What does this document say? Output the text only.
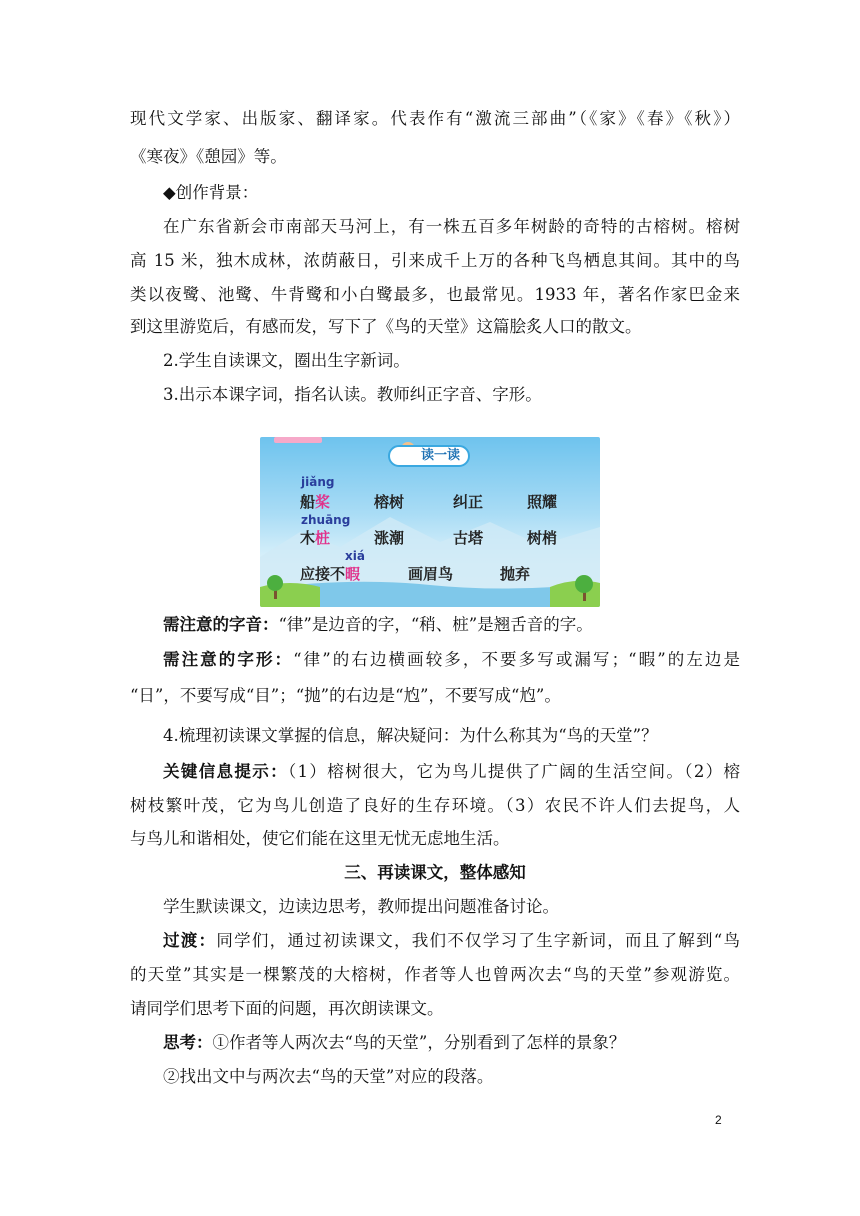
现代文学家、出版家、翻译家。代表作有“激流三部曲”（《家》《春》《秋》）
《寒夜》《憩园》等。
◆创作背景：
在广东省新会市南部天马河上，有一株五百多年树龄的奇特的古榕树。榕树
高 15 米，独木成林，浓荫蔽日，引来成千上万的各种飞鸟栖息其间。其中的鸟
类以夜鹭、池鹭、牛背鹭和小白鹭最多，也最常见。1933 年，著名作家巴金来
到这里游览后，有感而发，写下了《鸟的天堂》这篇脍炙人口的散文。
2.学生自读课文，圈出生字新词。
3.出示本课字词，指名认读。教师纠正字音、字形。
读一读
jiǎng
船桨	榕树	纠正	照耀
zhuāng
木桩	涨潮	古塔	树梢
xiá
应接不暇	画眉鸟	抛弃
需注意的字音：“律”是边音的字，“稍、桩”是翘舌音的字。
需注意的字形：“律”的右边横画较多，不要多写或漏写；“暇”的左边是
“日”，不要写成“目”；“抛”的右边是“尥”，不要写成“尥”。
4.梳理初读课文掌握的信息，解决疑问：为什么称其为“鸟的天堂”？
关键信息提示：（1）榕树很大，它为鸟儿提供了广阔的生活空间。（2）榕
树枝繁叶茂，它为鸟儿创造了良好的生存环境。（3）农民不许人们去捉鸟，人
与鸟儿和谐相处，使它们能在这里无忧无虑地生活。
三、再读课文，整体感知
学生默读课文，边读边思考，教师提出问题准备讨论。
过渡：同学们，通过初读课文，我们不仅学习了生字新词，而且了解到“鸟
的天堂”其实是一棵繁茂的大榕树，作者等人也曾两次去“鸟的天堂”参观游览。
请同学们思考下面的问题，再次朗读课文。
思考：①作者等人两次去“鸟的天堂”，分别看到了怎样的景象？
②找出文中与两次去“鸟的天堂”对应的段落。
2
